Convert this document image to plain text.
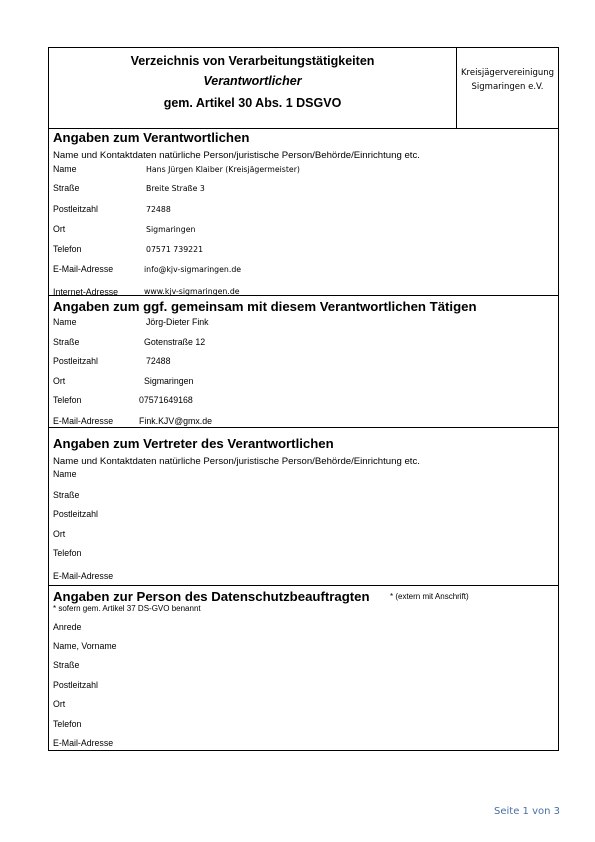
Verzeichnis von Verarbeitungstätigkeiten
Verantwortlicher
gem. Artikel 30 Abs. 1 DSGVO
Kreisjägervereinigung
Sigmaringen e.V.
Angaben zum Verantwortlichen
Name und Kontaktdaten natürliche Person/juristische Person/Behörde/Einrichtung etc.
Name	Hans Jürgen Klaiber (Kreisjägermeister)
Straße	Breite Straße 3
Postleitzahl	72488
Ort	Sigmaringen
Telefon	07571 739221
E-Mail-Adresse	info@kjv-sigmaringen.de
Internet-Adresse	www.kjv-sigmaringen.de
Angaben zum ggf. gemeinsam mit diesem Verantwortlichen Tätigen
Name	Jörg-Dieter Fink
Straße	Gotenstraße 12
Postleitzahl	72488
Ort	Sigmaringen
Telefon	07571649168
E-Mail-Adresse	Fink.KJV@gmx.de
Angaben zum Vertreter des Verantwortlichen
Name und Kontaktdaten natürliche Person/juristische Person/Behörde/Einrichtung etc.
Name
Straße
Postleitzahl
Ort
Telefon
E-Mail-Adresse
Angaben zur Person des Datenschutzbeauftragten	* (extern mit Anschrift)
* sofern gem. Artikel 37 DS-GVO benannt
Anrede
Name, Vorname
Straße
Postleitzahl
Ort
Telefon
E-Mail-Adresse
Seite 1 von 3
